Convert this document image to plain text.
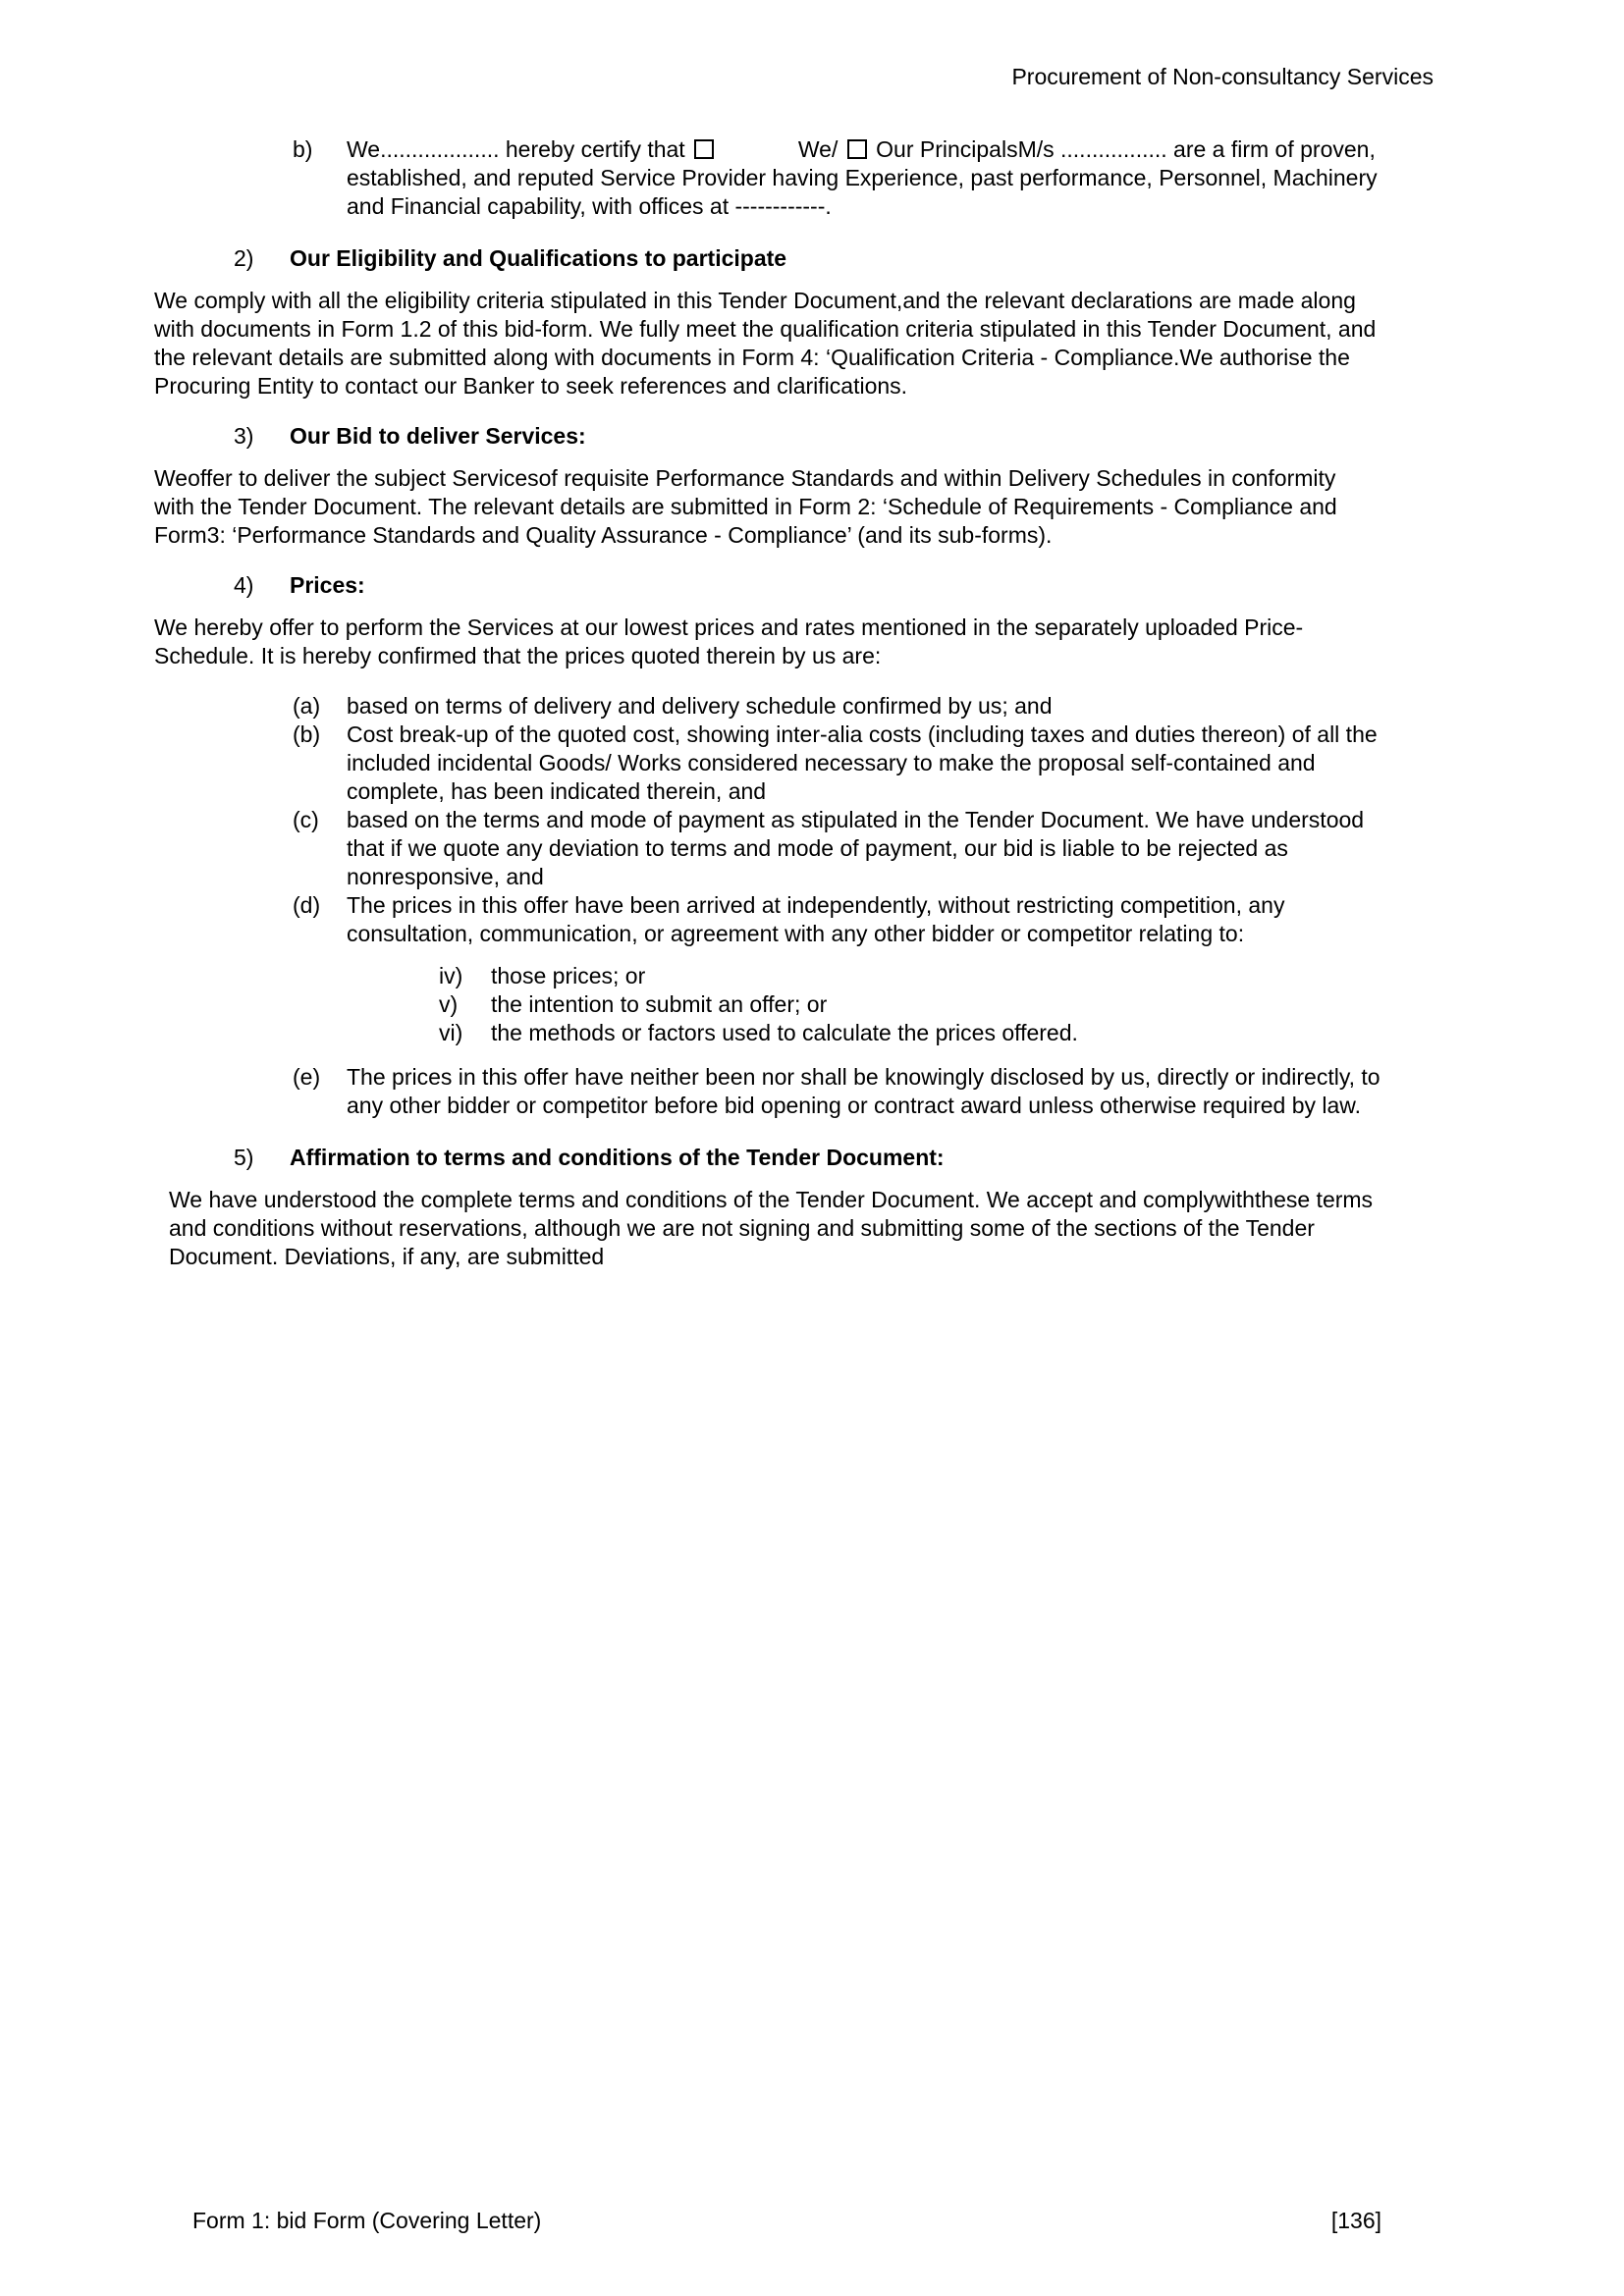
Procurement of Non-consultancy Services
b)	We................... hereby certify that	We/ Our PrincipalsM/s ................. are a firm of proven, established, and reputed Service Provider having Experience, past performance, Personnel, Machinery and Financial capability, with offices at ------------.
2)	Our Eligibility and Qualifications to participate

We comply with all the eligibility criteria stipulated in this Tender Document,and the relevant declarations are made along with documents in Form 1.2 of this bid-form. We fully meet the qualification criteria stipulated in this Tender Document, and the relevant details are submitted along with documents in Form 4: ‘Qualification Criteria - Compliance.We authorise the Procuring Entity to contact our Banker to seek references and clarifications.

3)	Our Bid to deliver Services:

Weoffer to deliver the subject Servicesof requisite Performance Standards and within Delivery Schedules in conformity with the Tender Document. The relevant details are submitted in Form 2: ‘Schedule of Requirements - Compliance and Form3: ‘Performance Standards and Quality Assurance - Compliance’ (and its sub-forms).

4)	Prices:

We hereby offer to perform the Services at our lowest prices and rates mentioned in the separately uploaded Price-Schedule. It is hereby confirmed that the prices quoted therein by us are:

(a)	based on terms of delivery and delivery schedule confirmed by us; and
(b)	Cost break-up of the quoted cost, showing inter-alia costs (including taxes and duties thereon) of all the included incidental Goods/ Works considered necessary to make the proposal self-contained and complete, has been indicated therein, and
(c)	based on the terms and mode of payment as stipulated in the Tender Document. We have understood that if we quote any deviation to terms and mode of payment, our bid is liable to be rejected as nonresponsive, and
(d)	The prices in this offer have been arrived at independently, without restricting competition, any consultation, communication, or agreement with any other bidder or competitor relating to:
iv)	those prices; or
v)	the intention to submit an offer; or
vi)	the methods or factors used to calculate the prices offered.
(e)	The prices in this offer have neither been nor shall be knowingly disclosed by us, directly or indirectly, to any other bidder or competitor before bid opening or contract award unless otherwise required by law.
5)	Affirmation to terms and conditions of the Tender Document:

We have understood the complete terms and conditions of the Tender Document. We accept and complywiththese terms and conditions without reservations, although we are not signing and submitting some of the sections of the Tender Document. Deviations, if any, are submitted

Form 1: bid Form (Covering Letter)	[136]
